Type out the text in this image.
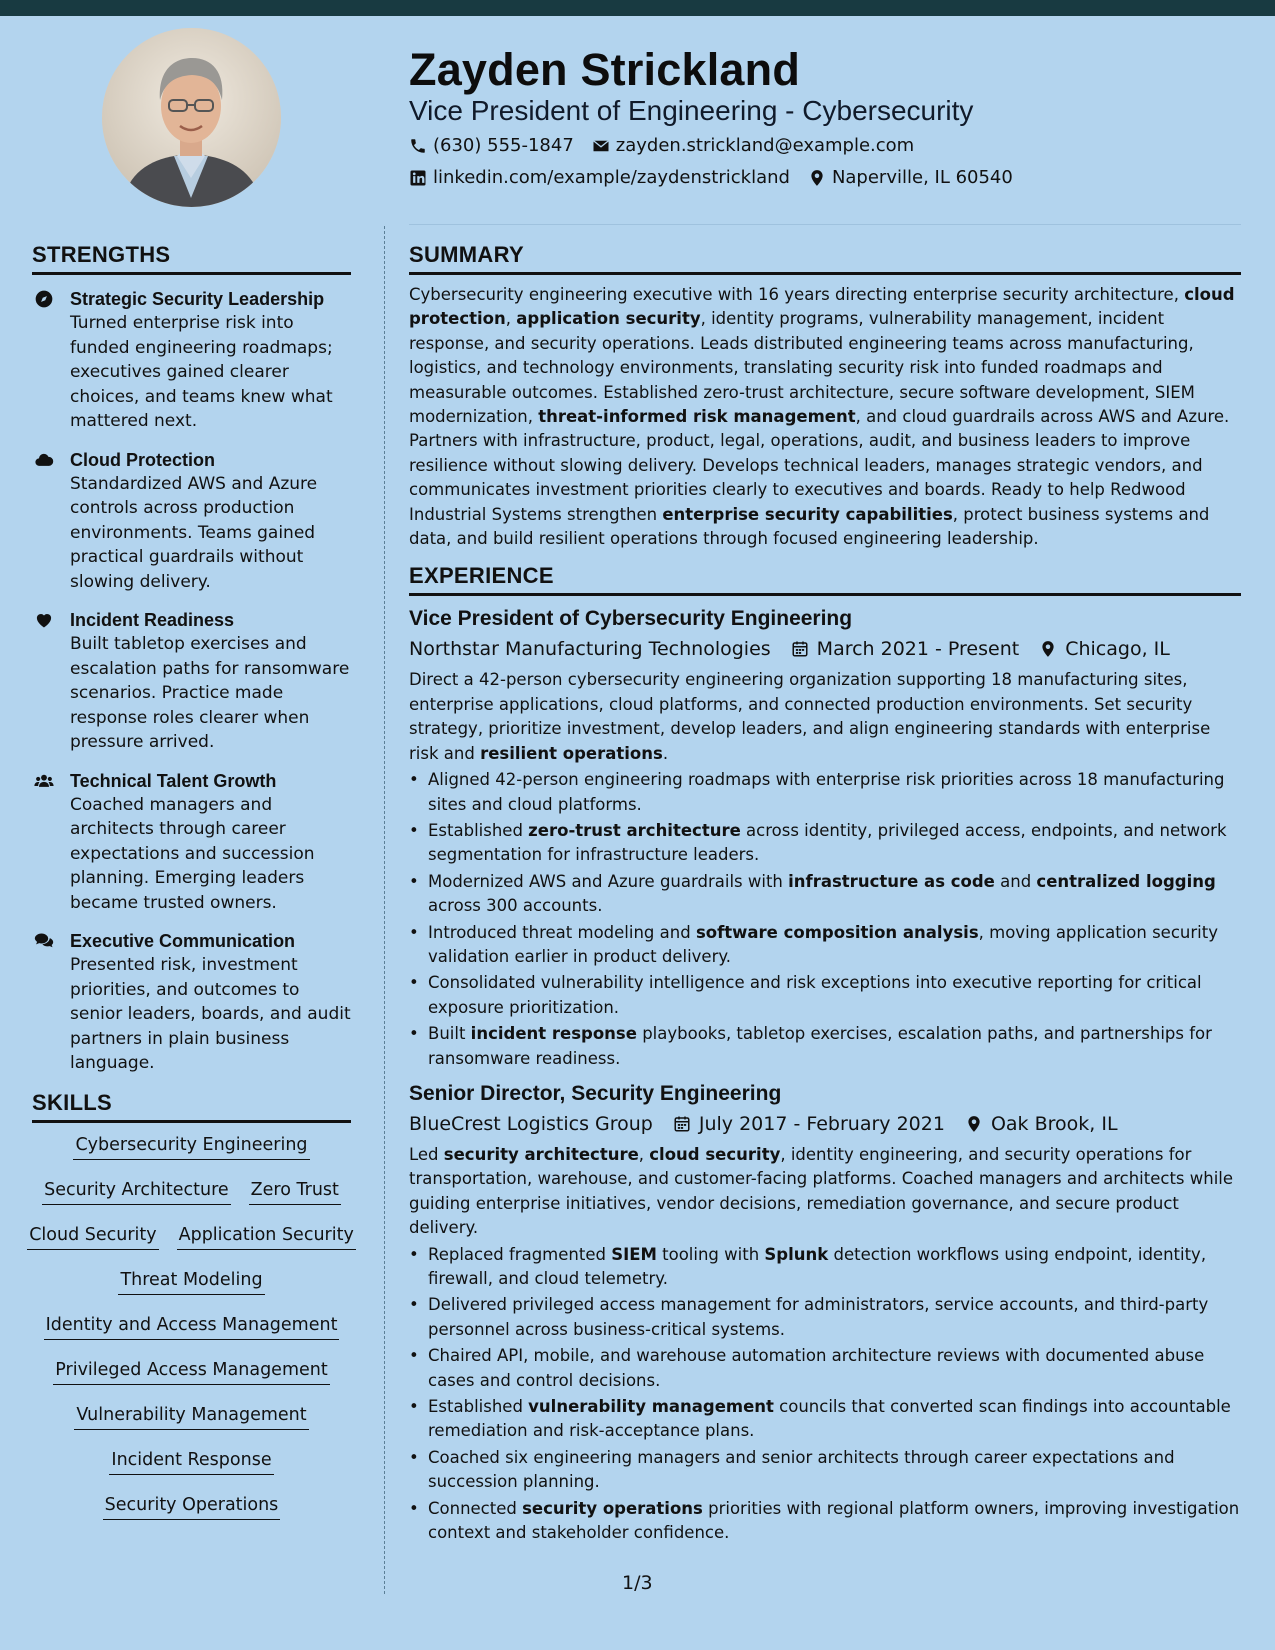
Zayden Strickland
Vice President of Engineering - Cybersecurity
(630) 555-1847 zayden.strickland@example.com
linkedin.com/example/zaydenstrickland Naperville, IL 60540
STRENGTHS
Strategic Security Leadership
Turned enterprise risk into funded engineering roadmaps; executives gained clearer choices, and teams knew what mattered next.
Cloud Protection
Standardized AWS and Azure controls across production environments. Teams gained practical guardrails without slowing delivery.
Incident Readiness
Built tabletop exercises and escalation paths for ransomware scenarios. Practice made response roles clearer when pressure arrived.
Technical Talent Growth
Coached managers and architects through career expectations and succession planning. Emerging leaders became trusted owners.
Executive Communication
Presented risk, investment priorities, and outcomes to senior leaders, boards, and audit partners in plain business language.
SKILLS
Cybersecurity Engineering
Security Architecture Zero Trust
Cloud Security Application Security
Threat Modeling
Identity and Access Management
Privileged Access Management
Vulnerability Management
Incident Response
Security Operations
SUMMARY

Cybersecurity engineering executive with 16 years directing enterprise security architecture, cloud protection, application security, identity programs, vulnerability management, incident response, and security operations. Leads distributed engineering teams across manufacturing, logistics, and technology environments, translating security risk into funded roadmaps and measurable outcomes. Established zero-trust architecture, secure software development, SIEM modernization, threat-informed risk management, and cloud guardrails across AWS and Azure. Partners with infrastructure, product, legal, operations, audit, and business leaders to improve resilience without slowing delivery. Develops technical leaders, manages strategic vendors, and communicates investment priorities clearly to executives and boards. Ready to help Redwood Industrial Systems strengthen enterprise security capabilities, protect business systems and data, and build resilient operations through focused engineering leadership.

EXPERIENCE
Vice President of Cybersecurity Engineering
Northstar Manufacturing Technologies March 2021 - Present Chicago, IL

Direct a 42-person cybersecurity engineering organization supporting 18 manufacturing sites, enterprise applications, cloud platforms, and connected production environments. Set security strategy, prioritize investment, develop leaders, and align engineering standards with enterprise risk and resilient operations.

• Aligned 42-person engineering roadmaps with enterprise risk priorities across 18 manufacturing sites and cloud platforms.
• Established zero-trust architecture across identity, privileged access, endpoints, and network segmentation for infrastructure leaders.
• Modernized AWS and Azure guardrails with infrastructure as code and centralized logging across 300 accounts.
• Introduced threat modeling and software composition analysis, moving application security validation earlier in product delivery.
• Consolidated vulnerability intelligence and risk exceptions into executive reporting for critical exposure prioritization.
• Built incident response playbooks, tabletop exercises, escalation paths, and partnerships for ransomware readiness.
Senior Director, Security Engineering
BlueCrest Logistics Group July 2017 - February 2021 Oak Brook, IL

Led security architecture, cloud security, identity engineering, and security operations for transportation, warehouse, and customer-facing platforms. Coached managers and architects while guiding enterprise initiatives, vendor decisions, remediation governance, and secure product delivery.

• Replaced fragmented SIEM tooling with Splunk detection workflows using endpoint, identity, firewall, and cloud telemetry.
• Delivered privileged access management for administrators, service accounts, and third-party personnel across business-critical systems.
• Chaired API, mobile, and warehouse automation architecture reviews with documented abuse cases and control decisions.
• Established vulnerability management councils that converted scan findings into accountable remediation and risk-acceptance plans.
• Coached six engineering managers and senior architects through career expectations and succession planning.
• Connected security operations priorities with regional platform owners, improving investigation context and stakeholder confidence.
1/3
